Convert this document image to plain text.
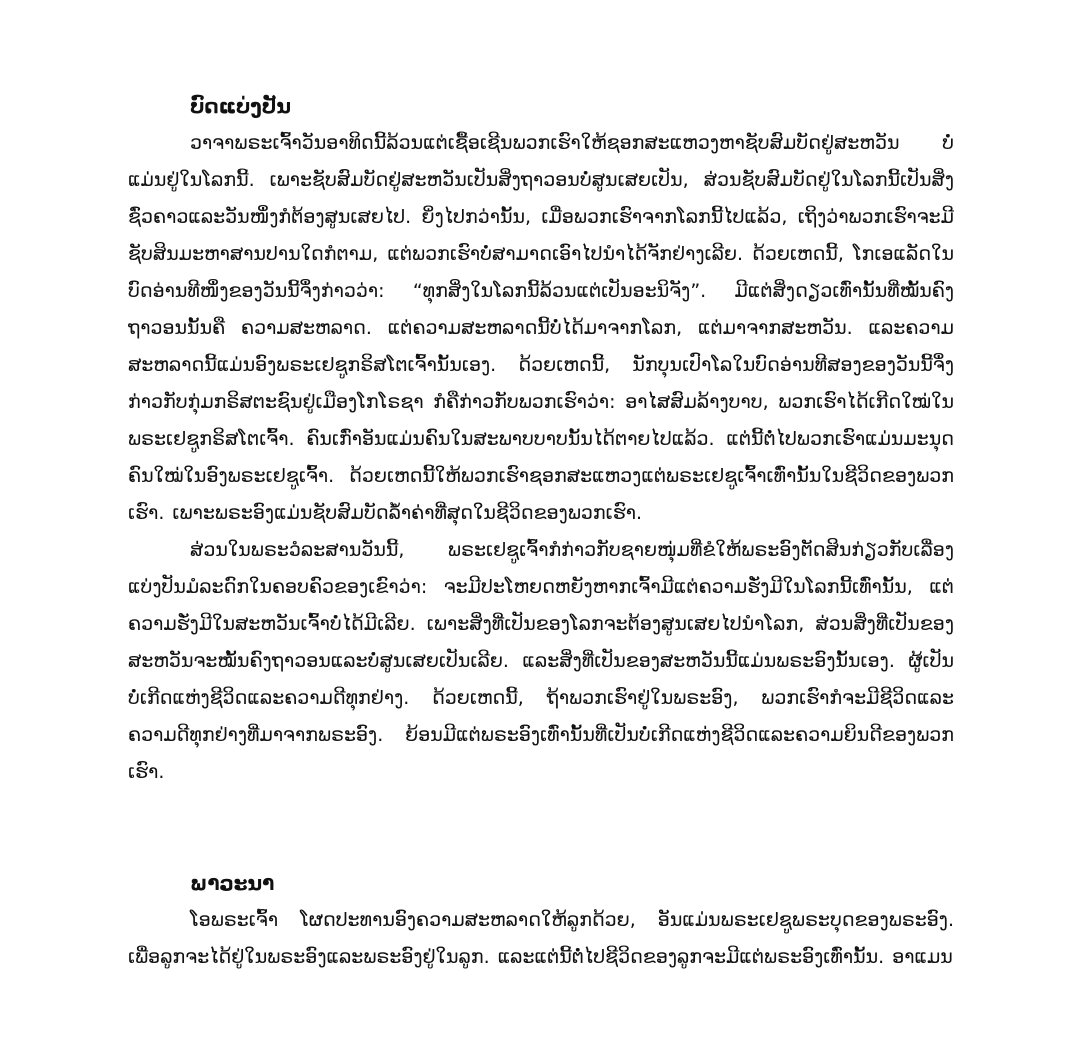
ບົດແບ່ງປັນ

ວາຈາພຣະເຈົ້າວັນອາທິດນີ້ລ້ວນແຕ່ເຊື້ອເຊີນພວກເຮົາໃຫ້ຊອກສະແຫວງຫາຊັບສົມບັດຢູ່ສະຫວັນ ບໍ່ແມ່ນຢູ່ໃນໂລກນີ້. ເພາະຊັບສົມບັດຢູ່ສະຫວັນເປັນສິ່ງຖາວອນບໍ່ສູນເສຍເປັນ, ສ່ວນຊັບສົມບັດຢູ່ໃນໂລກນີ້ເປັນສິ່ງຊົ່ວຄາວແລະວັນໜຶ່ງກໍຕ້ອງສູນເສຍໄປ. ຍິ່ງໄປກວ່ານັ້ນ, ເມື່ອພວກເຮົາຈາກໂລກນີ້ໄປແລ້ວ, ເຖິງວ່າພວກເຮົາຈະມີຊັບສິນມະຫາສານປານໃດກໍຕາມ, ແຕ່ພວກເຮົາບໍ່ສາມາດເອົາໄປນຳໄດ້ຈັກຢ່າງເລີຍ. ດ້ວຍເຫດນີ້, ໂກເອແລັດໃນບົດອ່ານທີໜຶ່ງຂອງວັນນີ້ຈຶ່ງກ່າວວ່າ: “ທຸກສິ່ງໃນໂລກນີ້ລ້ວນແຕ່ເປັນອະນິຈັງ”. ມີແຕ່ສິ່ງດຽວເທົ່ານັ້ນທີ່ໝັ້ນຄົງຖາວອນນັ້ນຄື ຄວາມສະຫລາດ. ແຕ່ຄວາມສະຫລາດນີ້ບໍ່ໄດ້ມາຈາກໂລກ, ແຕ່ມາຈາກສະຫວັນ. ແລະຄວາມສະຫລາດນີ້ແມ່ນອົງພຣະເຢຊູກຣິສໂຕເຈົ້ານັ້ນເອງ. ດ້ວຍເຫດນີ້, ນັກບຸນເປົາໂລໃນບົດອ່ານທີສອງຂອງວັນນີ້ຈຶ່ງກ່າວກັບກຸ່ມກຣິສຕະຊົນຢູ່ເມືອງໂກໂຣຊາ ກໍຄືກ່າວກັບພວກເຮົາວ່າ: ອາໄສສົມລ້າງບາບ, ພວກເຮົາໄດ້ເກີດໃໝ່ໃນພຣະເຢຊູກຣິສໂຕເຈົ້າ. ຄົນເກົ່າອັນແມ່ນຄົນໃນສະພາບບາບນັ້ນໄດ້ຕາຍໄປແລ້ວ. ແຕ່ນີ້ຕໍ່ໄປພວກເຮົາແມ່ນມະນຸດຄົນໃໝ່ໃນອົງພຣະເຢຊູເຈົ້າ. ດ້ວຍເຫດນີ້ໃຫ້ພວກເຮົາຊອກສະແຫວງແຕ່ພຣະເຢຊູເຈົ້າເທົ່ານັ້ນໃນຊີວິດຂອງພວກເຮົາ. ເພາະພຣະອົງແມ່ນຊັບສົມບັດລ້ຳຄ່າທີ່ສຸດໃນຊີວິດຂອງພວກເຮົາ.

ສ່ວນໃນພຣະວໍລະສານວັນນີ້, ພຣະເຢຊູເຈົ້າກໍກ່າວກັບຊາຍໜຸ່ມທີ່ຂໍໃຫ້ພຣະອົງຕັດສິນກ່ຽວກັບເລື່ອງແບ່ງປັນມໍລະດົກໃນຄອບຄົວຂອງເຂົາວ່າ: ຈະມີປະໂຫຍດຫຍັງຫາກເຈົ້າມີແຕ່ຄວາມຮັ່ງມີໃນໂລກນີ້ເທົ່ານັ້ນ, ແຕ່ຄວາມຮັ່ງມີໃນສະຫວັນເຈົ້າບໍ່ໄດ້ມີເລີຍ. ເພາະສິ່ງທີ່ເປັນຂອງໂລກຈະຕ້ອງສູນເສຍໄປນຳໂລກ, ສ່ວນສິ່ງທີ່ເປັນຂອງສະຫວັນຈະໝັ້ນຄົງຖາວອນແລະບໍ່ສູນເສຍເປັນເລີຍ. ແລະສິ່ງທີ່ເປັນຂອງສະຫວັນນີ້ແມ່ນພຣະອົງນັ້ນເອງ. ຜູ້ເປັນບໍ່ເກີດແຫ່ງຊີວິດແລະຄວາມດີທຸກຢ່າງ. ດ້ວຍເຫດນີ້, ຖ້າພວກເຮົາຢູ່ໃນພຣະອົງ, ພວກເຮົາກໍຈະມີຊີວິດແລະຄວາມດີທຸກຢ່າງທີ່ມາຈາກພຣະອົງ. ຍ້ອນມີແຕ່ພຣະອົງເທົ່ານັ້ນທີ່ເປັນບໍ່ເກີດແຫ່ງຊີວິດແລະຄວາມຍິນດີຂອງພວກເຮົາ.

ພາວະນາ

ໂອພຣະເຈົ້າ ໂຜດປະທານອົງຄວາມສະຫລາດໃຫ້ລູກດ້ວຍ, ອັນແມ່ນພຣະເຢຊູພຣະບຸດຂອງພຣະອົງ. ເພື່ອລູກຈະໄດ້ຢູ່ໃນພຣະອົງແລະພຣະອົງຢູ່ໃນລູກ. ແລະແຕ່ນີ້ຕໍ່ໄປຊີວິດຂອງລູກຈະມີແຕ່ພຣະອົງເທົ່ານັ້ນ. ອາແມນ
